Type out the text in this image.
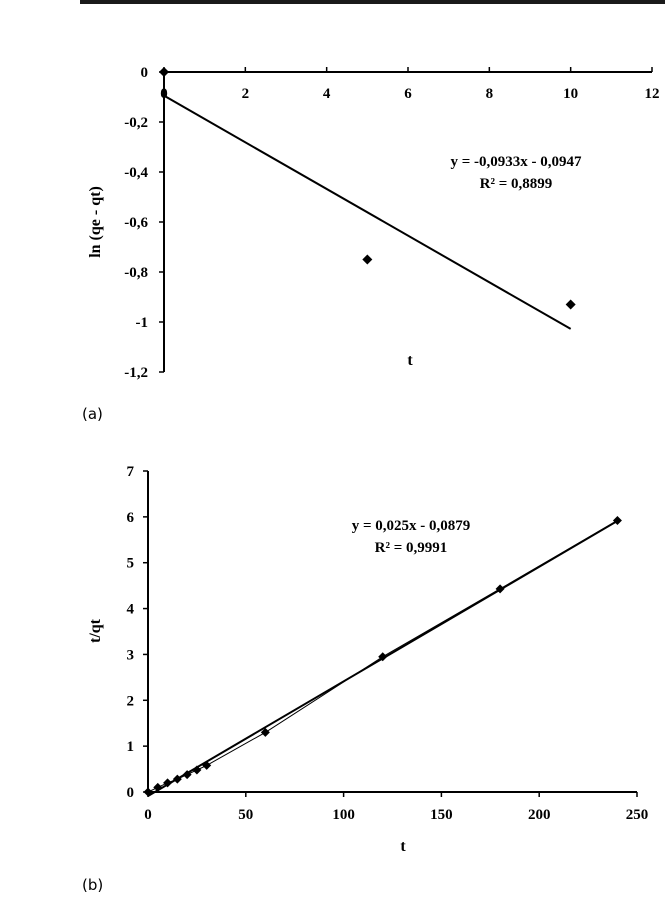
0
-0,2
-0,4
-0,6
-0,8
-1
-1,2
0	2	4	6	8	10	12
y = -0,0933x - 0,0947
R² = 0,8899
t
ln (qe - qt)
0
1
2
3
4
5
6
7
0	50	100	150	200	250
y = 0,025x - 0,0879
R² = 0,9991
t
t/qt
(a)
(b)
